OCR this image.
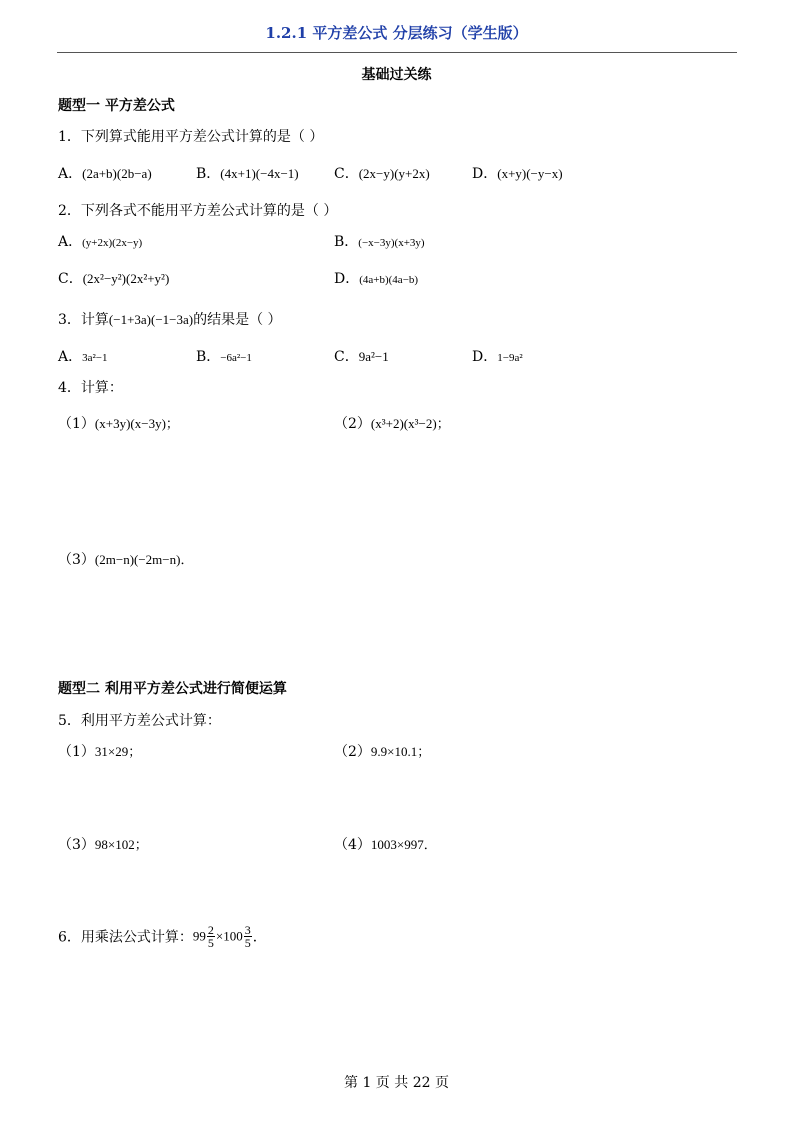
1.2.1 平方差公式 分层练习（学生版）
基础过关练
题型一 平方差公式
1．下列算式能用平方差公式计算的是（ ）
A．(2a+b)(2b−a)	B．(4x+1)(−4x−1)	C．(2x−y)(y+2x)	D．(x+y)(−y−x)
2．下列各式不能用平方差公式计算的是（ ）
A．(y+2x)(2x−y)	B．(−x−3y)(x+3y)
C．(2x²−y²)(2x²+y²)	D．(4a+b)(4a−b)
3．计算(−1+3a)(−1−3a)的结果是（ ）
A．3a²−1	B．−6a²−1	C．9a²−1	D．1−9a²
4．计算：
（1）(x+3y)(x−3y)；	（2）(x³+2)(x³−2)；
（3）(2m−n)(−2m−n)．
题型二 利用平方差公式进行简便运算
5．利用平方差公式计算：
（1）31×29；	（2）9.9×10.1；
（3）98×102；	（4）1003×997．
6．用乘法公式计算：$99 \frac{2}{5} \times 100 \frac{3}{5}$ ．
第 1 页 共 22 页
